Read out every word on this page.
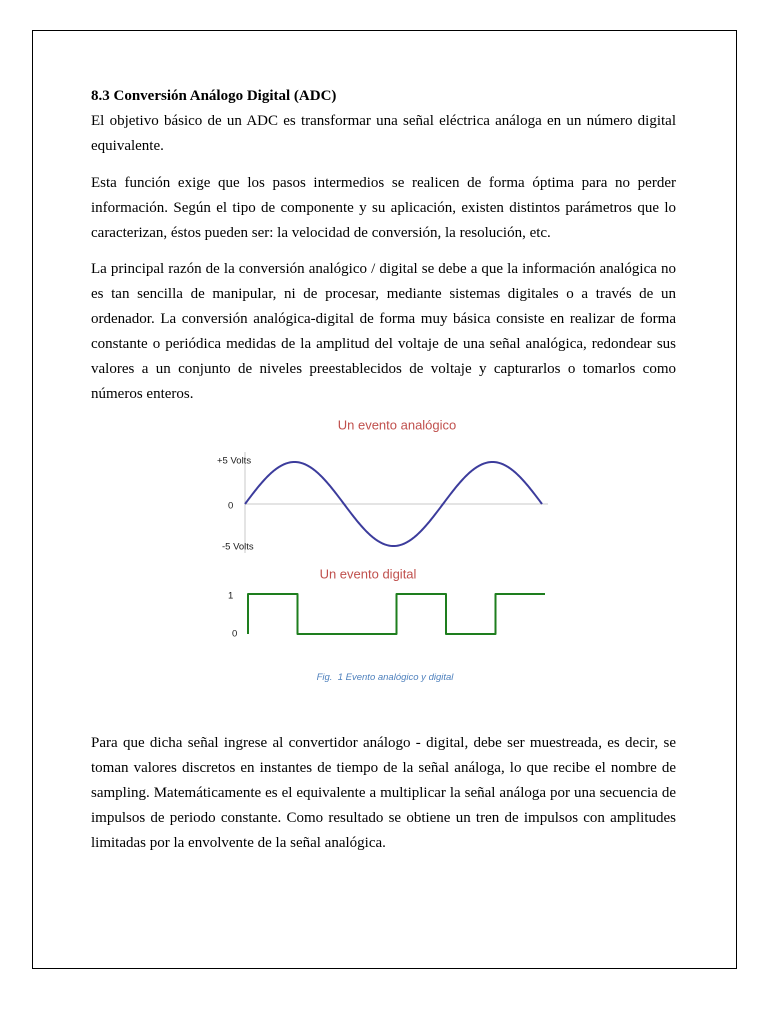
8.3 Conversión Análogo Digital (ADC)

El objetivo básico de un ADC es transformar una señal eléctrica análoga en un número digital equivalente.

Esta función exige que los pasos intermedios se realicen de forma óptima para no perder información. Según el tipo de componente y su aplicación, existen distintos parámetros que lo caracterizan, éstos pueden ser: la velocidad de conversión, la resolución, etc.

La principal razón de la conversión analógico / digital se debe a que la información analógica no es tan sencilla de manipular, ni de procesar, mediante sistemas digitales o a través de un ordenador. La conversión analógica-digital de forma muy básica consiste en realizar de forma constante o periódica medidas de la amplitud del voltaje de una señal analógica, redondear sus valores a un conjunto de niveles preestablecidos de voltaje y capturarlos o tomarlos como números enteros.

Un evento analógico
+5 Volts
0
-5 Volts
Un evento digital
1
0
Fig.  1 Evento analógico y digital

Para que dicha señal ingrese al convertidor análogo - digital, debe ser muestreada, es decir, se toman valores discretos en instantes de tiempo de la señal análoga, lo que recibe el nombre de sampling. Matemáticamente es el equivalente a multiplicar la señal análoga por una secuencia de impulsos de periodo constante. Como resultado se obtiene un tren de impulsos con amplitudes limitadas por la envolvente de la señal analógica.
